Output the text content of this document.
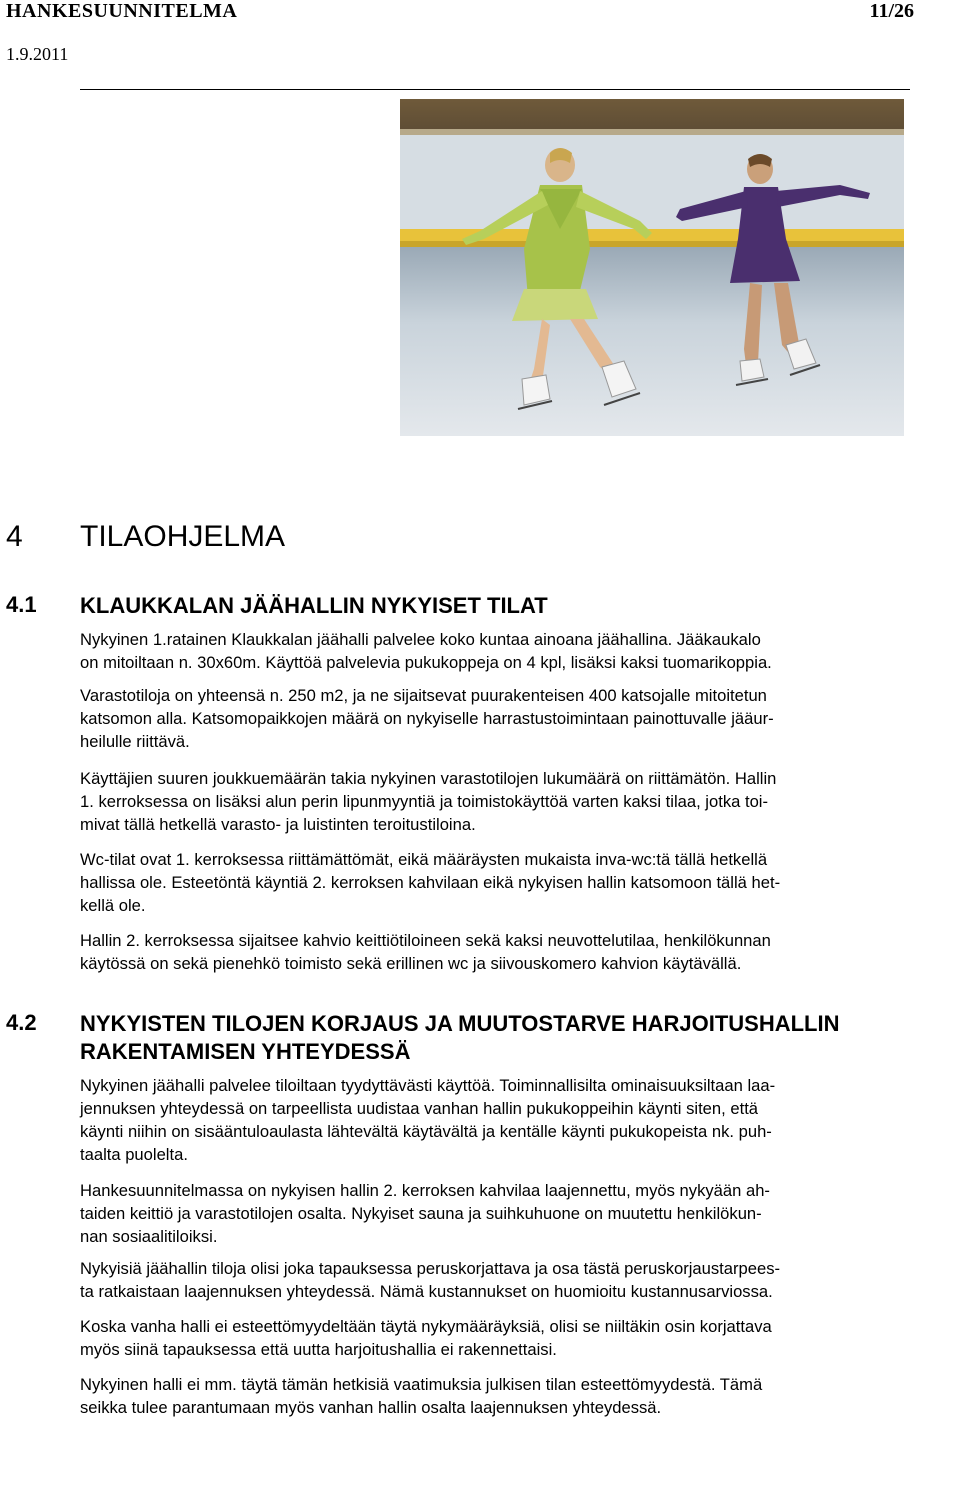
HANKESUUNNITELMA	11/26
1.9.2011
4 TILAOHJELMA
4.1 KLAUKKALAN JÄÄHALLIN NYKYISET TILAT
Nykyinen 1.ratainen Klaukkalan jäähalli palvelee koko kuntaa ainoana jäähallina. Jääkaukalo
on mitoiltaan n. 30x60m. Käyttöä palvelevia pukukoppeja on 4 kpl, lisäksi kaksi tuomarikoppia.
Varastotiloja on yhteensä n. 250 m2, ja ne sijaitsevat puurakenteisen 400 katsojalle mitoitetun
katsomon alla. Katsomopaikkojen määrä on nykyiselle harrastustoimintaan painottuvalle jääur-
heilulle riittävä.
Käyttäjien suuren joukkuemäärän takia nykyinen varastotilojen lukumäärä on riittämätön. Hallin
1. kerroksessa on lisäksi alun perin lipunmyyntiä ja toimistokäyttöä varten kaksi tilaa, jotka toi-
mivat tällä hetkellä varasto- ja luistinten teroitustiloina.
Wc-tilat ovat 1. kerroksessa riittämättömät, eikä määräysten mukaista inva-wc:tä tällä hetkellä
hallissa ole. Esteetöntä käyntiä 2. kerroksen kahvilaan eikä nykyisen hallin katsomoon tällä het-
kellä ole.
Hallin 2. kerroksessa sijaitsee kahvio keittiötiloineen sekä kaksi neuvottelutilaa, henkilökunnan
käytössä on sekä pienehkö toimisto sekä erillinen wc ja siivouskomero kahvion käytävällä.
4.2 NYKYISTEN TILOJEN KORJAUS JA MUUTOSTARVE HARJOITUSHALLIN
RAKENTAMISEN YHTEYDESSÄ
Nykyinen jäähalli palvelee tiloiltaan tyydyttävästi käyttöä. Toiminnallisilta ominaisuuksiltaan laa-
jennuksen yhteydessä on tarpeellista uudistaa vanhan hallin pukukoppeihin käynti siten, että
käynti niihin on sisääntuloaulasta lähtevältä käytävältä ja kentälle käynti pukukopeista nk. puh-
taalta puolelta.
Hankesuunnitelmassa on nykyisen hallin 2. kerroksen kahvilaa laajennettu, myös nykyään ah-
taiden keittiö ja varastotilojen osalta. Nykyiset sauna ja suihkuhuone on muutettu henkilökun-
nan sosiaalitiloiksi.
Nykyisiä jäähallin tiloja olisi joka tapauksessa peruskorjattava ja osa tästä peruskorjaustarpees-
ta ratkaistaan laajennuksen yhteydessä. Nämä kustannukset on huomioitu kustannusarviossa.
Koska vanha halli ei esteettömyydeltään täytä nykymääräyksiä, olisi se niiltäkin osin korjattava
myös siinä tapauksessa että uutta harjoitushallia ei rakennettaisi.
Nykyinen halli ei mm. täytä tämän hetkisiä vaatimuksia julkisen tilan esteettömyydestä. Tämä
seikka tulee parantumaan myös vanhan hallin osalta laajennuksen yhteydessä.
